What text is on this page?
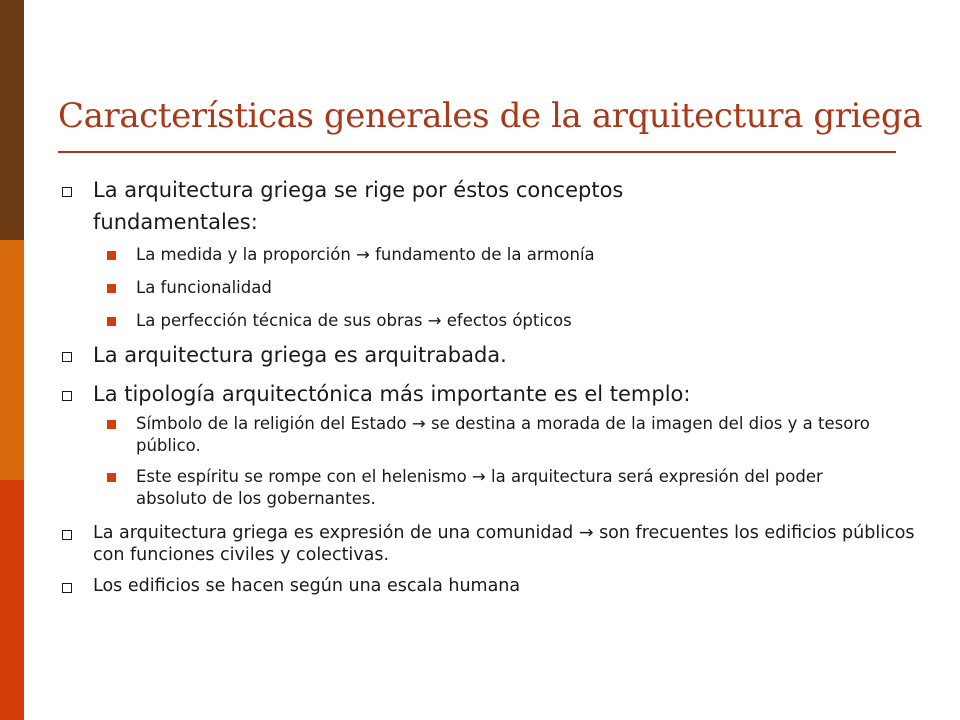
Características generales de la arquitectura griega
La arquitectura griega se rige por éstos conceptos fundamentales:
La medida y la proporción → fundamento de la armonía
La funcionalidad
La perfección técnica de sus obras → efectos ópticos
La arquitectura griega es arquitrabada.
La tipología arquitectónica más importante es el templo:
Símbolo de la religión del Estado → se destina a morada de la imagen del dios y a tesoro público.
Este espíritu se rompe con el helenismo → la arquitectura será expresión del poder absoluto de los gobernantes.
La arquitectura griega es expresión de una comunidad → son frecuentes los edificios públicos con funciones civiles y colectivas.
Los edificios se hacen según una escala humana
